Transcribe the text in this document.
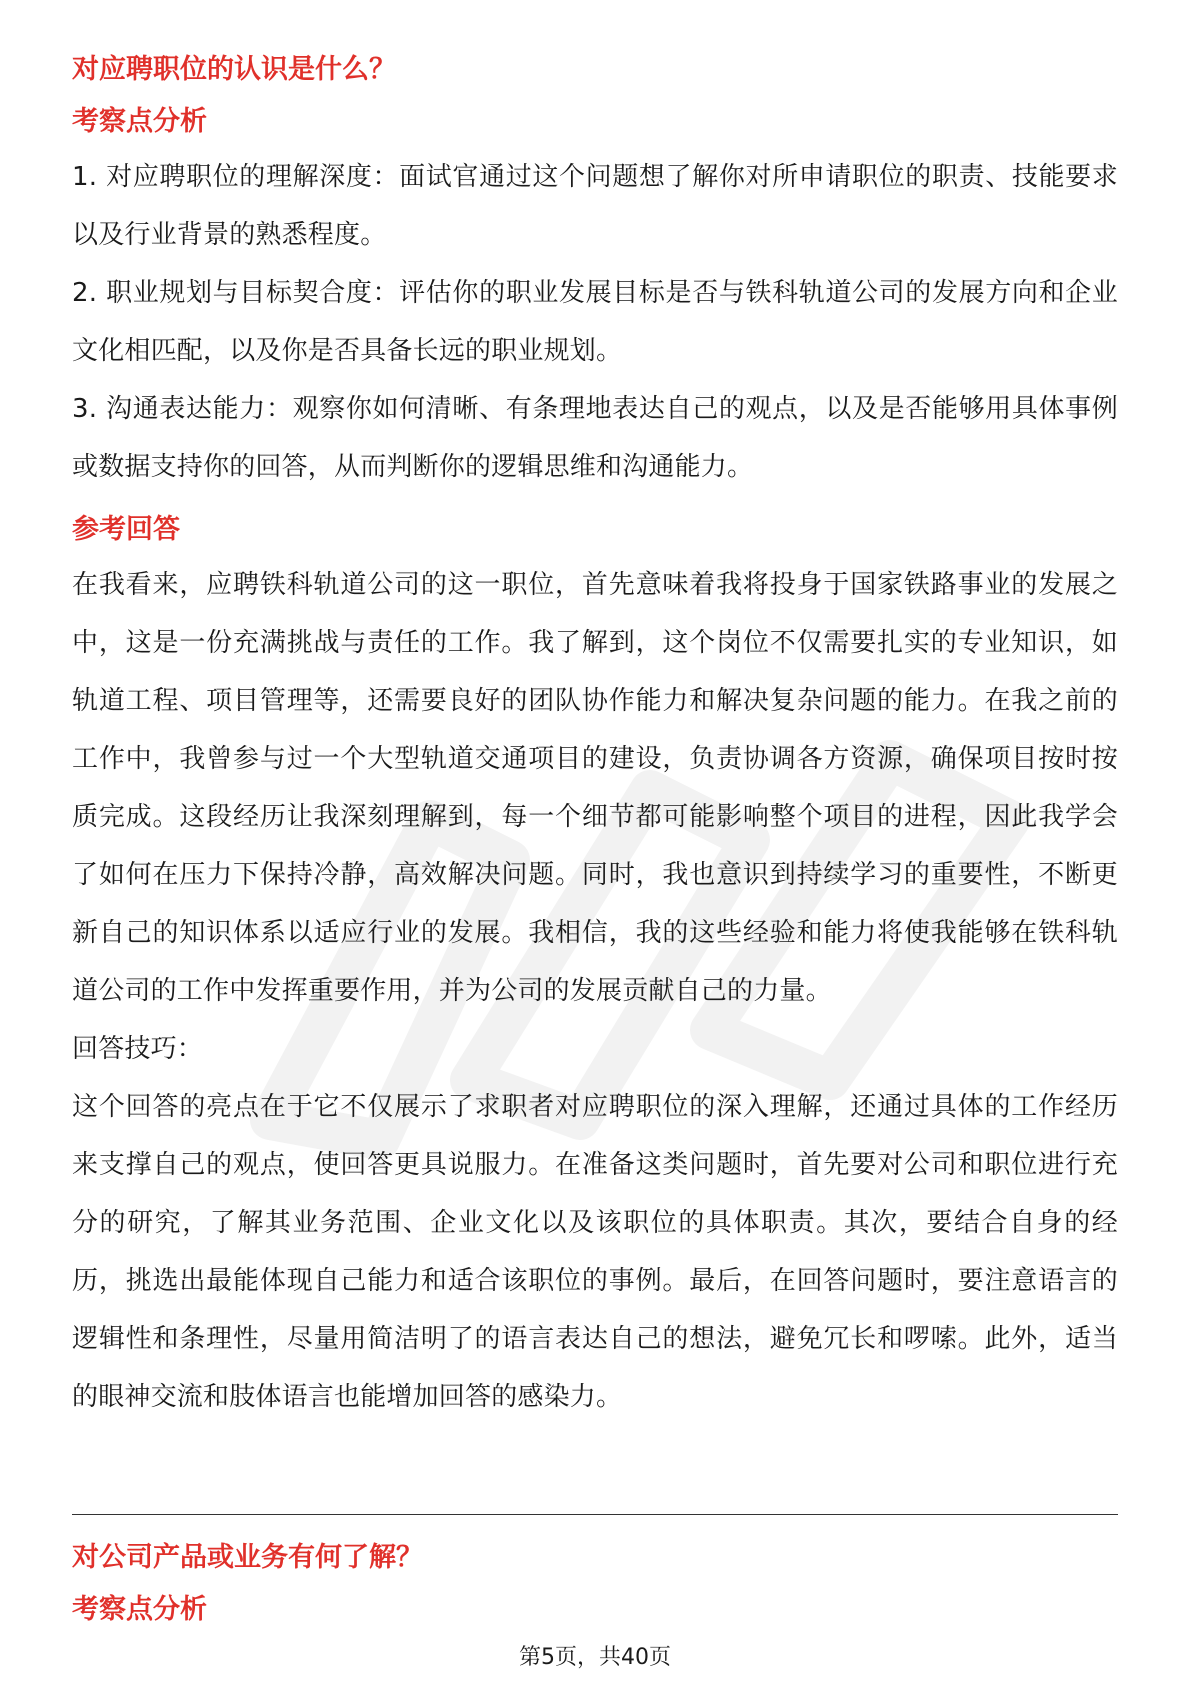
对应聘职位的认识是什么？
考察点分析

1. 对应聘职位的理解深度：面试官通过这个问题想了解你对所申请职位的职责、技能要求以及行业背景的熟悉程度。

2. 职业规划与目标契合度：评估你的职业发展目标是否与铁科轨道公司的发展方向和企业文化相匹配，以及你是否具备长远的职业规划。

3. 沟通表达能力：观察你如何清晰、有条理地表达自己的观点，以及是否能够用具体事例或数据支持你的回答，从而判断你的逻辑思维和沟通能力。

参考回答

在我看来，应聘铁科轨道公司的这一职位，首先意味着我将投身于国家铁路事业的发展之中，这是一份充满挑战与责任的工作。我了解到，这个岗位不仅需要扎实的专业知识，如轨道工程、项目管理等，还需要良好的团队协作能力和解决复杂问题的能力。在我之前的工作中，我曾参与过一个大型轨道交通项目的建设，负责协调各方资源，确保项目按时按质完成。这段经历让我深刻理解到，每一个细节都可能影响整个项目的进程，因此我学会了如何在压力下保持冷静，高效解决问题。同时，我也意识到持续学习的重要性，不断更新自己的知识体系以适应行业的发展。我相信，我的这些经验和能力将使我能够在铁科轨道公司的工作中发挥重要作用，并为公司的发展贡献自己的力量。

回答技巧：

这个回答的亮点在于它不仅展示了求职者对应聘职位的深入理解，还通过具体的工作经历来支撑自己的观点，使回答更具说服力。在准备这类问题时，首先要对公司和职位进行充分的研究，了解其业务范围、企业文化以及该职位的具体职责。其次，要结合自身的经历，挑选出最能体现自己能力和适合该职位的事例。最后，在回答问题时，要注意语言的逻辑性和条理性，尽量用简洁明了的语言表达自己的想法，避免冗长和啰嗦。此外，适当的眼神交流和肢体语言也能增加回答的感染力。

对公司产品或业务有何了解？
考察点分析
第5页，共40页
